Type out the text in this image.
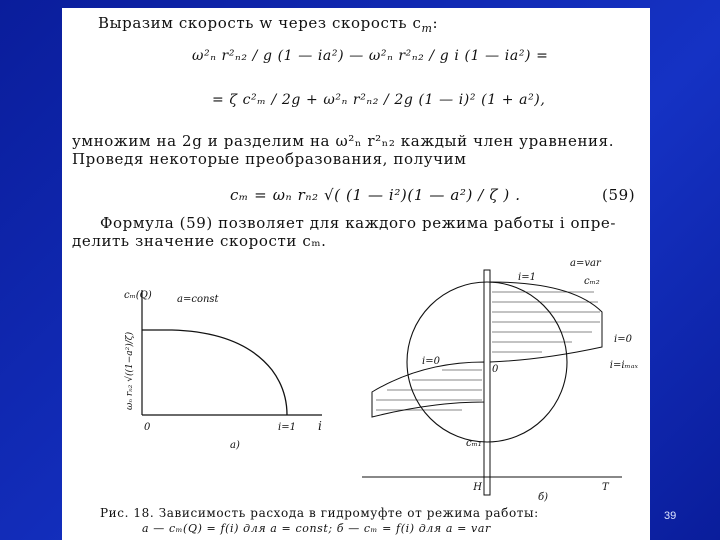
Выразим скорость w через скорость $c_m$:
ω²ₙ r²ₙ₂ / g (1 — ia²) — ω²ₙ r²ₙ₂ / g i (1 — ia²) =
= ζ c²ₘ / 2g + ω²ₙ r²ₙ₂ / 2g (1 — i)² (1 + a²),
умножим на 2g и разделим на ω²ₙ r²ₙ₂ каждый член уравнения.
Проведя некоторые преобразования, получим
cₘ = ωₙ rₙ₂ √( (1 — i²)(1 — a²) / ζ ) .	(59)
Формула (59) позволяет для каждого режима работы i опре-
делить значение скорости cₘ.
cₘ(Q)	a=const
ωₙ rₙ₂ √((1−a²)/ζ)
0	i=1 i
a)
a=var
i=1	cₘ₂
i=0
i=0	i=iₘₐₓ
0
cₘ₁
H	T
б)
Рис. 18. Зависимость расхода в гидромуфте от режима работы:
а — cₘ(Q) = f(i) для a = const; б — cₘ = f(i) для a = var
39
